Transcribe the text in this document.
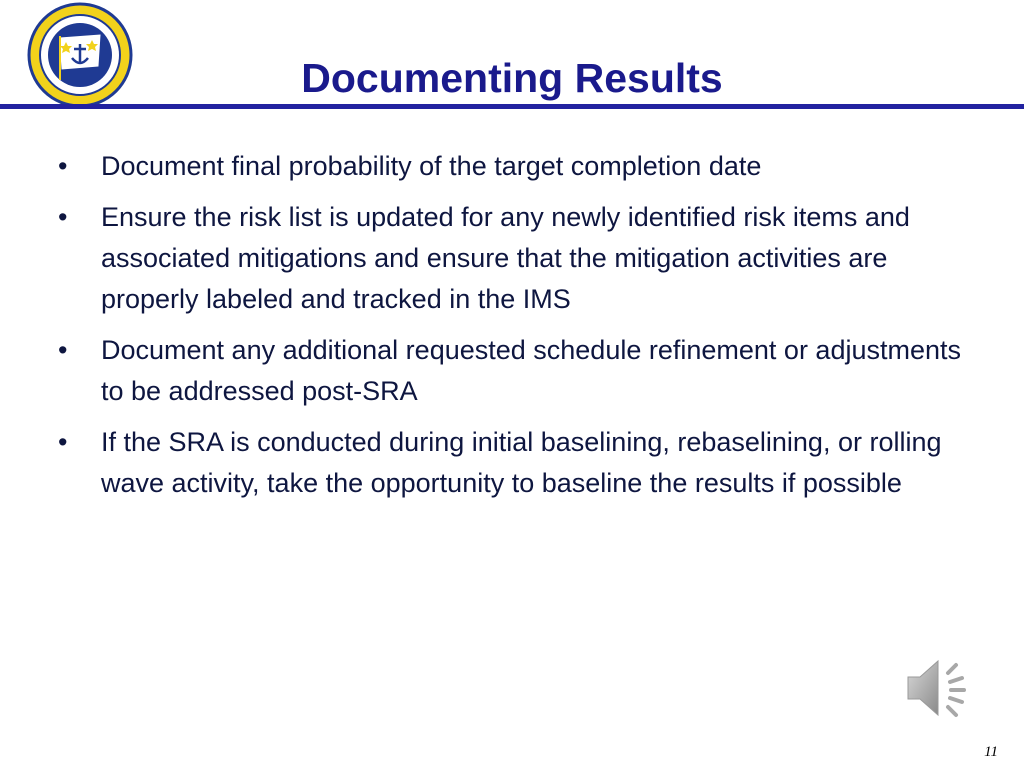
Documenting Results
•	Document final probability of the target completion date
•	Ensure the risk list is updated for any newly identified risk items and associated mitigations and ensure that the mitigation activities are properly labeled and tracked in the IMS
•	Document any additional requested schedule refinement or adjustments to be addressed post-SRA
•	If the SRA is conducted during initial baselining, rebaselining, or rolling wave activity, take the opportunity to baseline the results if possible
11
